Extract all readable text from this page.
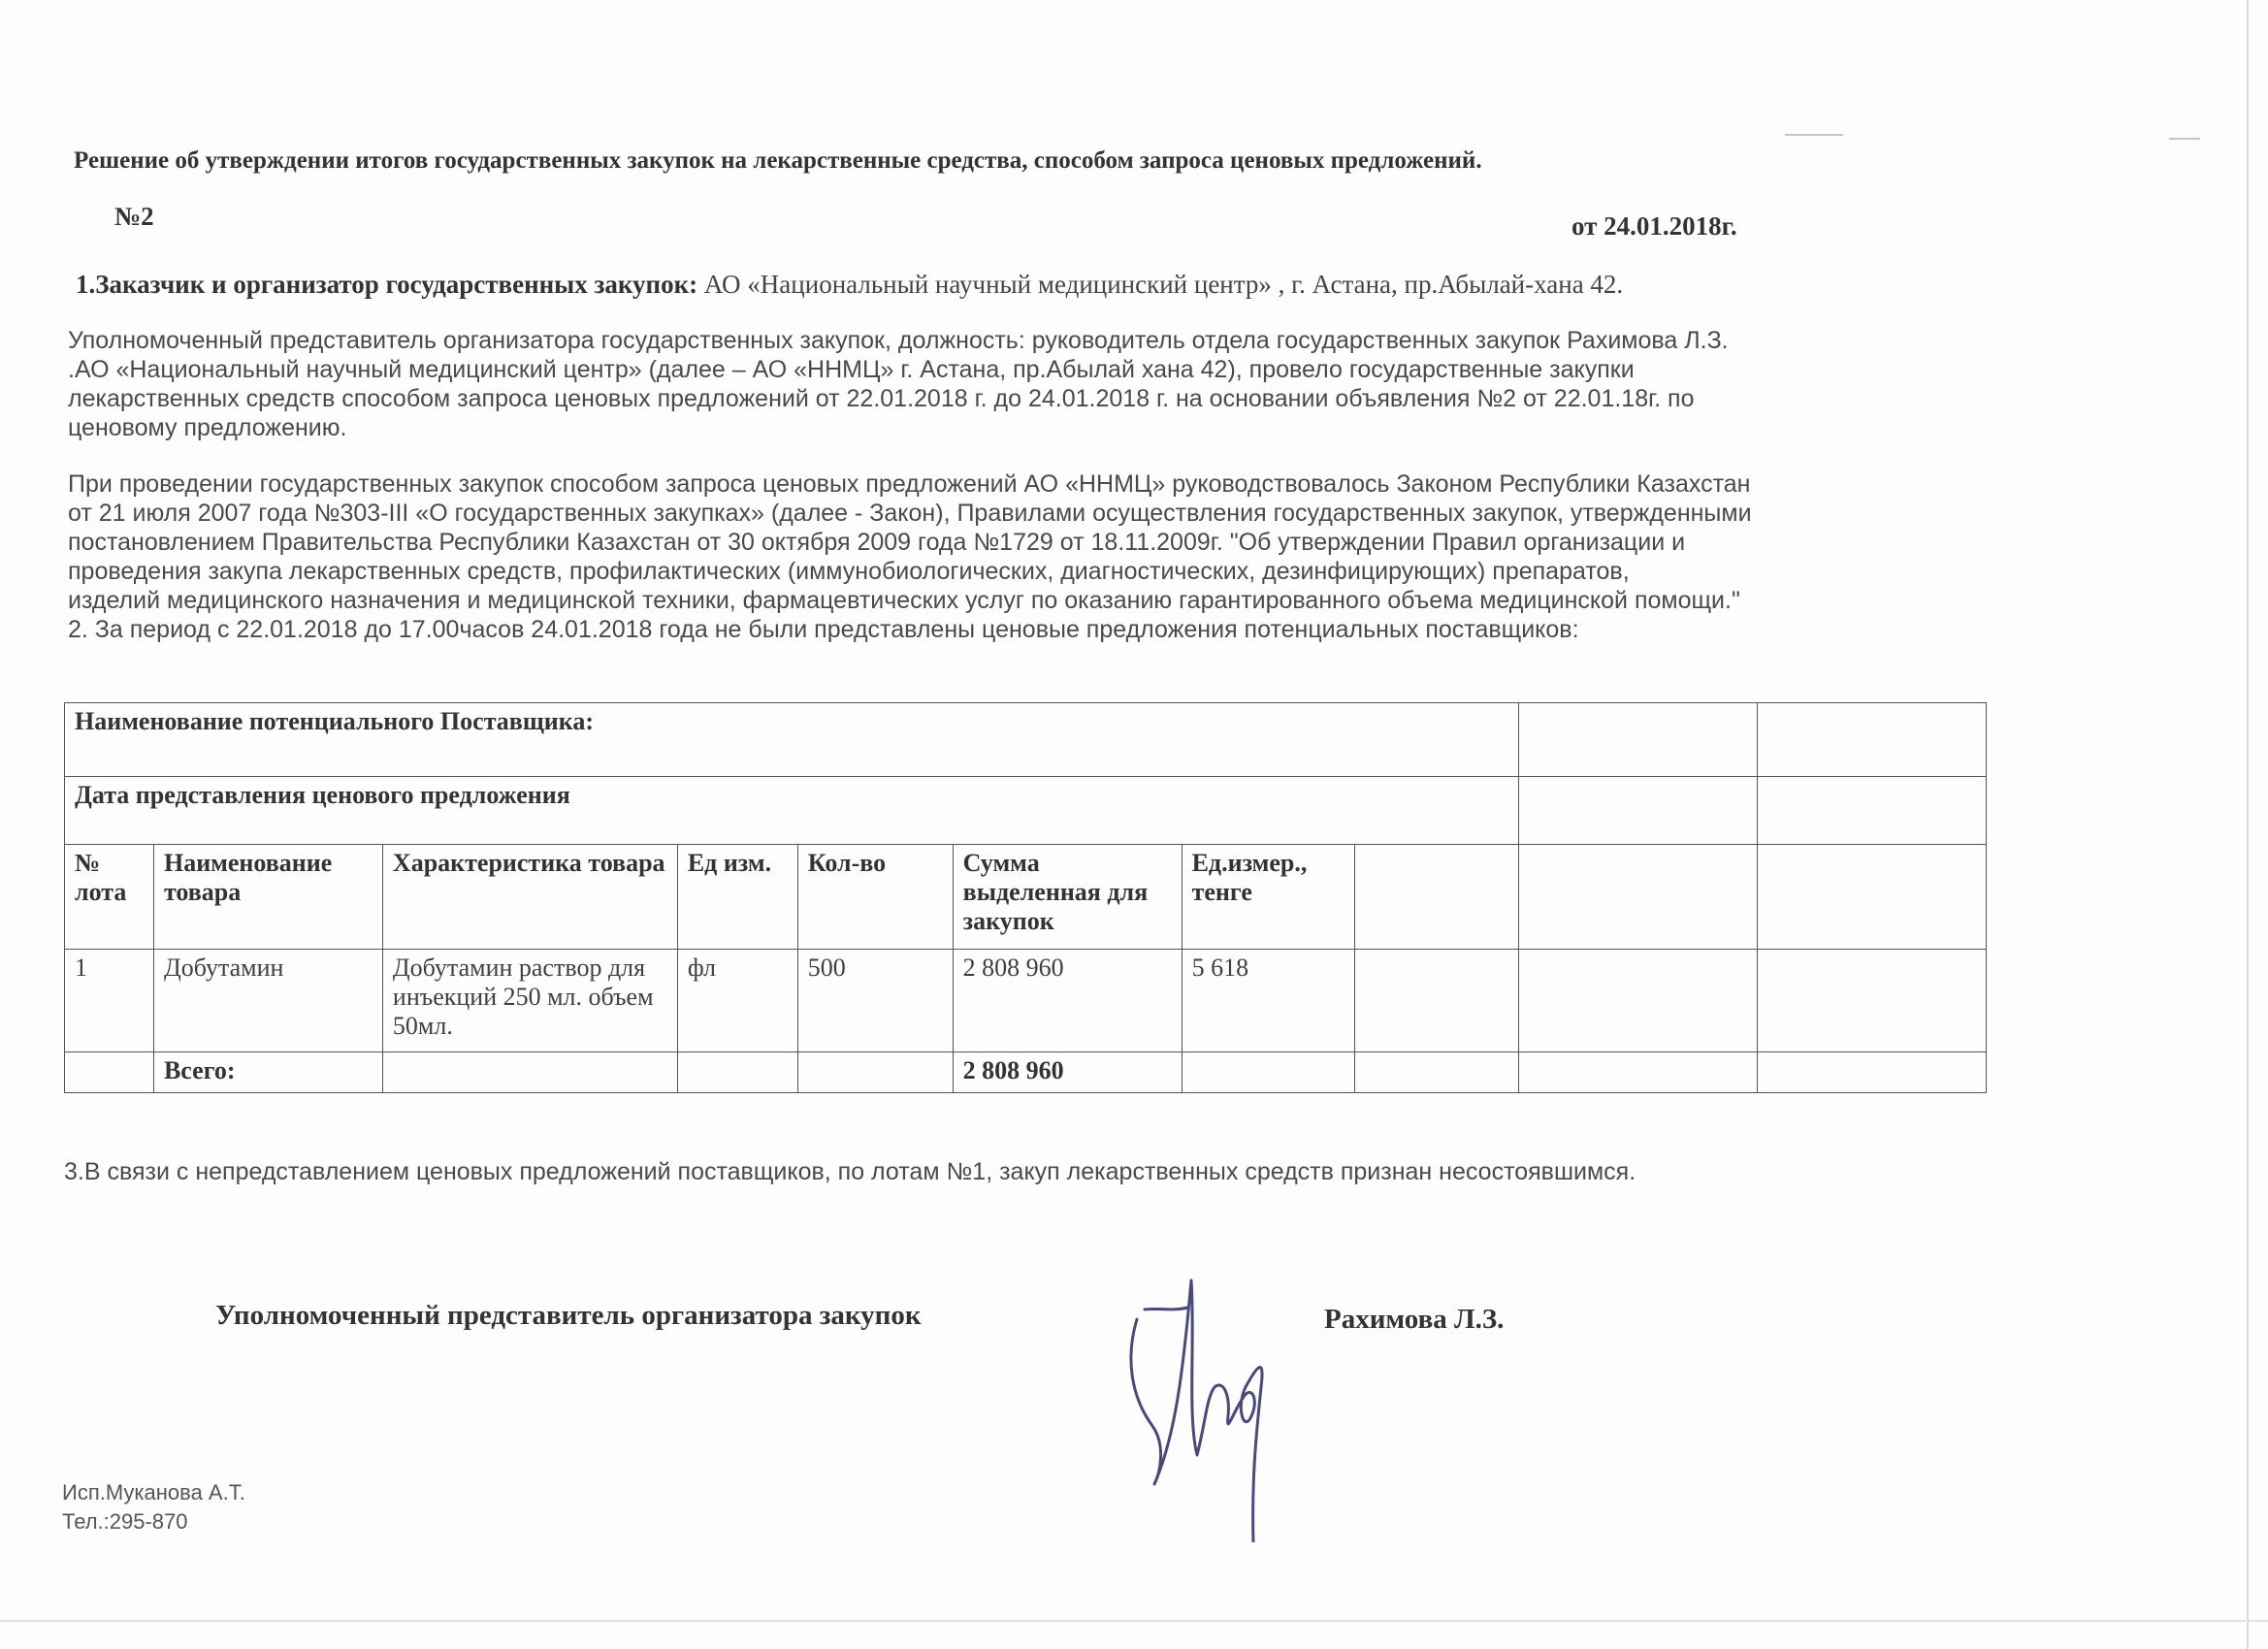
Решение об утверждении итогов государственных закупок на лекарственные средства, способом запроса ценовых предложений.
№2	от 24.01.2018г.
1.Заказчик и организатор государственных закупок: АО «Национальный научный медицинский центр» , г. Астана, пр.Абылай-хана 42.
Уполномоченный представитель организатора государственных закупок, должность: руководитель отдела государственных закупок Рахимова Л.З.
.АО «Национальный научный медицинский центр» (далее – АО «ННМЦ» г. Астана, пр.Абылай хана 42), провело государственные закупки
лекарственных средств способом запроса ценовых предложений от 22.01.2018 г. до 24.01.2018 г. на основании объявления №2 от 22.01.18г. по
ценовому предложению.
При проведении государственных закупок способом запроса ценовых предложений АО «ННМЦ» руководствовалось Законом Республики Казахстан
от 21 июля 2007 года №303-III «О государственных закупках» (далее - Закон), Правилами осуществления государственных закупок, утвержденными
постановлением Правительства Республики Казахстан от 30 октября 2009 года №1729 от 18.11.2009г. "Об утверждении Правил организации и
проведения закупа лекарственных средств, профилактических (иммунобиологических, диагностических, дезинфицирующих) препаратов,
изделий медицинского назначения и медицинской техники, фармацевтических услуг по оказанию гарантированного объема медицинской помощи."
2. За период с 22.01.2018 до 17.00часов 24.01.2018 года не были представлены ценовые предложения потенциальных поставщиков:
Наименование потенциального Поставщика:									
Дата представления ценового предложения									
№ лота	Наименование товара	Характеристика товара	Ед изм.	Кол-во	Сумма выделенная для закупок	Ед.измер., тенге			
1	Добутамин	Добутамин раствор для инъекций 250 мл. объем 50мл.	фл	500	2 808 960	5 618			
	Всего:				2 808 960				
3.В связи с непредставлением ценовых предложений поставщиков, по лотам №1, закуп лекарственных средств признан несостоявшимся.
Уполномоченный представитель организатора закупок	Рахимова Л.З.
Исп.Муканова А.Т.
Тел.:295-870
